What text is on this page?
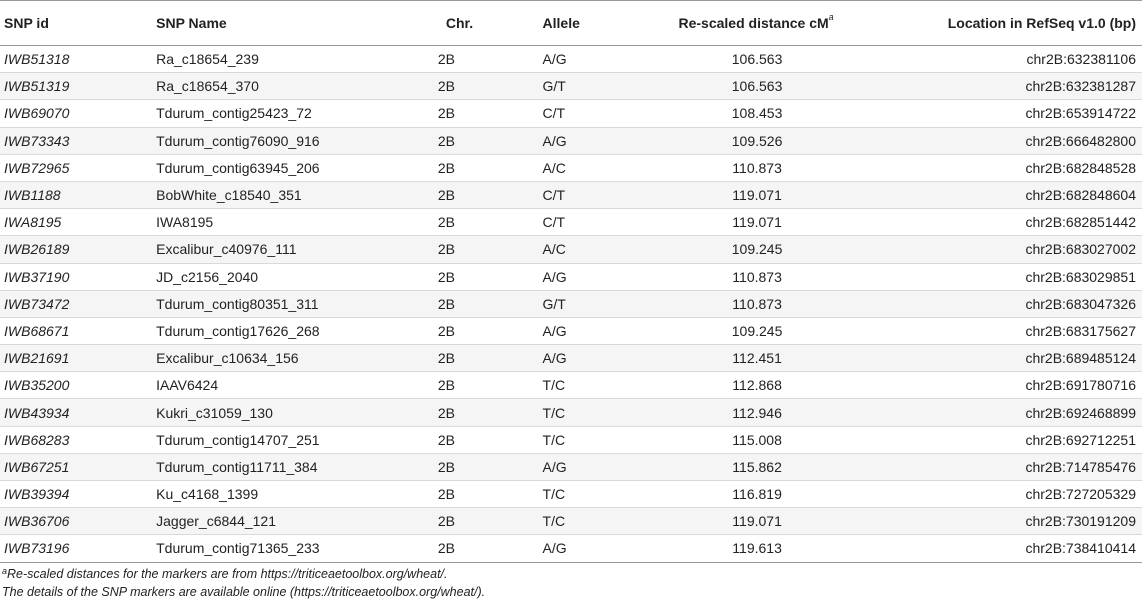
SNP id	SNP Name	Chr.	Allele	Re-scaled distance $cM^a$	Location in RefSeq v1.0 (bp)
IWB51318	Ra_c18654_239	2B	A/G	106.563	chr2B:632381106
IWB51319	Ra_c18654_370	2B	G/T	106.563	chr2B:632381287
IWB69070	Tdurum_contig25423_72	2B	C/T	108.453	chr2B:653914722
IWB73343	Tdurum_contig76090_916	2B	A/G	109.526	chr2B:666482800
IWB72965	Tdurum_contig63945_206	2B	A/C	110.873	chr2B:682848528
IWB1188	BobWhite_c18540_351	2B	C/T	119.071	chr2B:682848604
IWA8195	IWA8195	2B	C/T	119.071	chr2B:682851442
IWB26189	Excalibur_c40976_111	2B	A/C	109.245	chr2B:683027002
IWB37190	JD_c2156_2040	2B	A/G	110.873	chr2B:683029851
IWB73472	Tdurum_contig80351_311	2B	G/T	110.873	chr2B:683047326
IWB68671	Tdurum_contig17626_268	2B	A/G	109.245	chr2B:683175627
IWB21691	Excalibur_c10634_156	2B	A/G	112.451	chr2B:689485124
IWB35200	IAAV6424	2B	T/C	112.868	chr2B:691780716
IWB43934	Kukri_c31059_130	2B	T/C	112.946	chr2B:692468899
IWB68283	Tdurum_contig14707_251	2B	T/C	115.008	chr2B:692712251
IWB67251	Tdurum_contig11711_384	2B	A/G	115.862	chr2B:714785476
IWB39394	Ku_c4168_1399	2B	T/C	116.819	chr2B:727205329
IWB36706	Jagger_c6844_121	2B	T/C	119.071	chr2B:730191209
IWB73196	Tdurum_contig71365_233	2B	A/G	119.613	chr2B:738410414
$^a$Re-scaled distances for the markers are from https://triticeaetoolbox.org/wheat/.
The details of the SNP markers are available online (https://triticeaetoolbox.org/wheat/).
